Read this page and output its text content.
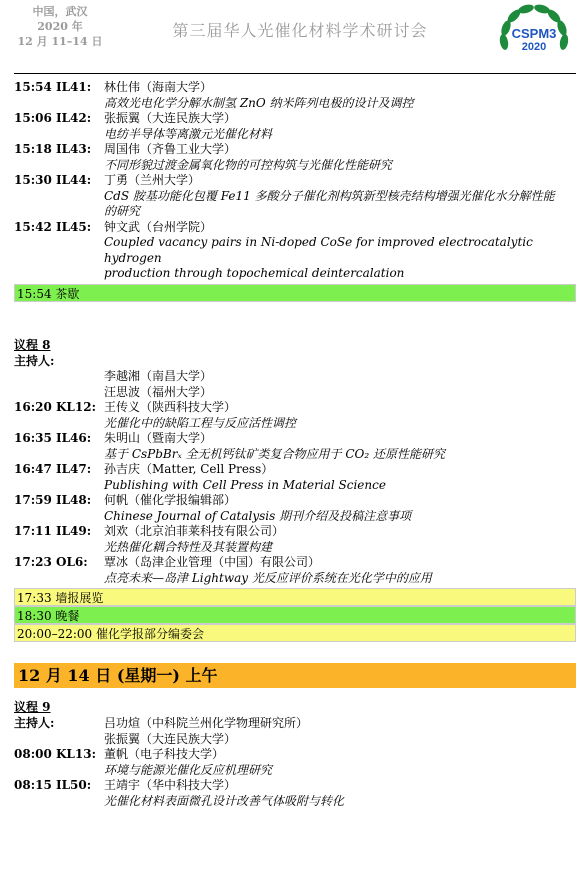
中国，武汉
2020 年
12 月 11–14 日
第三届华人光催化材料学术研讨会	CSPM3
2020
15:54 IL41:	林仕伟（海南大学）
高效光电化学分解水制氢 ZnO 纳米阵列电极的设计及调控
15:06 IL42:	张振翼（大连民族大学）
电纺半导体等离激元光催化材料
15:18 IL43:	周国伟（齐鲁工业大学）
不同形貌过渡金属氧化物的可控构筑与光催化性能研究
15:30 IL44:	丁勇（兰州大学）
CdS 胺基功能化包覆 Fe11 多酸分子催化剂构筑新型核壳结构增强光催化水分解性能
的研究
15:42 IL45:	钟文武（台州学院）
Coupled vacancy pairs in Ni-doped CoSe for improved electrocatalytic hydrogen
production through topochemical deintercalation
15:54 茶歇
议程 8
主持人:
李越湘（南昌大学）
汪思波（福州大学）
16:20 KL12: 王传义（陕西科技大学）
光催化中的缺陷工程与反应活性调控
16:35 IL46:	朱明山（暨南大学）
基于 CsPbBrₓ 全无机钙钛矿类复合物应用于 CO₂ 还原性能研究
16:47 IL47:	孙吉庆（Matter, Cell Press）
Publishing with Cell Press in Material Science
17:59 IL48:	何帆（催化学报编辑部）
Chinese Journal of Catalysis 期刊介绍及投稿注意事项
17:11 IL49:	刘欢（北京泊菲莱科技有限公司）
光热催化耦合特性及其装置构建
17:23 OL6:	覃冰（岛津企业管理（中国）有限公司）
点亮未来—岛津 Lightway 光反应评价系统在光化学中的应用
17:33 墙报展览
18:30 晚餐
20:00–22:00 催化学报部分编委会
12 月 14 日 (星期一) 上午
议程 9
主持人:	吕功煊（中科院兰州化学物理研究所）
张振翼（大连民族大学）
08:00 KL13: 董帆（电子科技大学）
环境与能源光催化反应机理研究
08:15 IL50:	王靖宇（华中科技大学）
光催化材料表面微孔设计改善气体吸附与转化
